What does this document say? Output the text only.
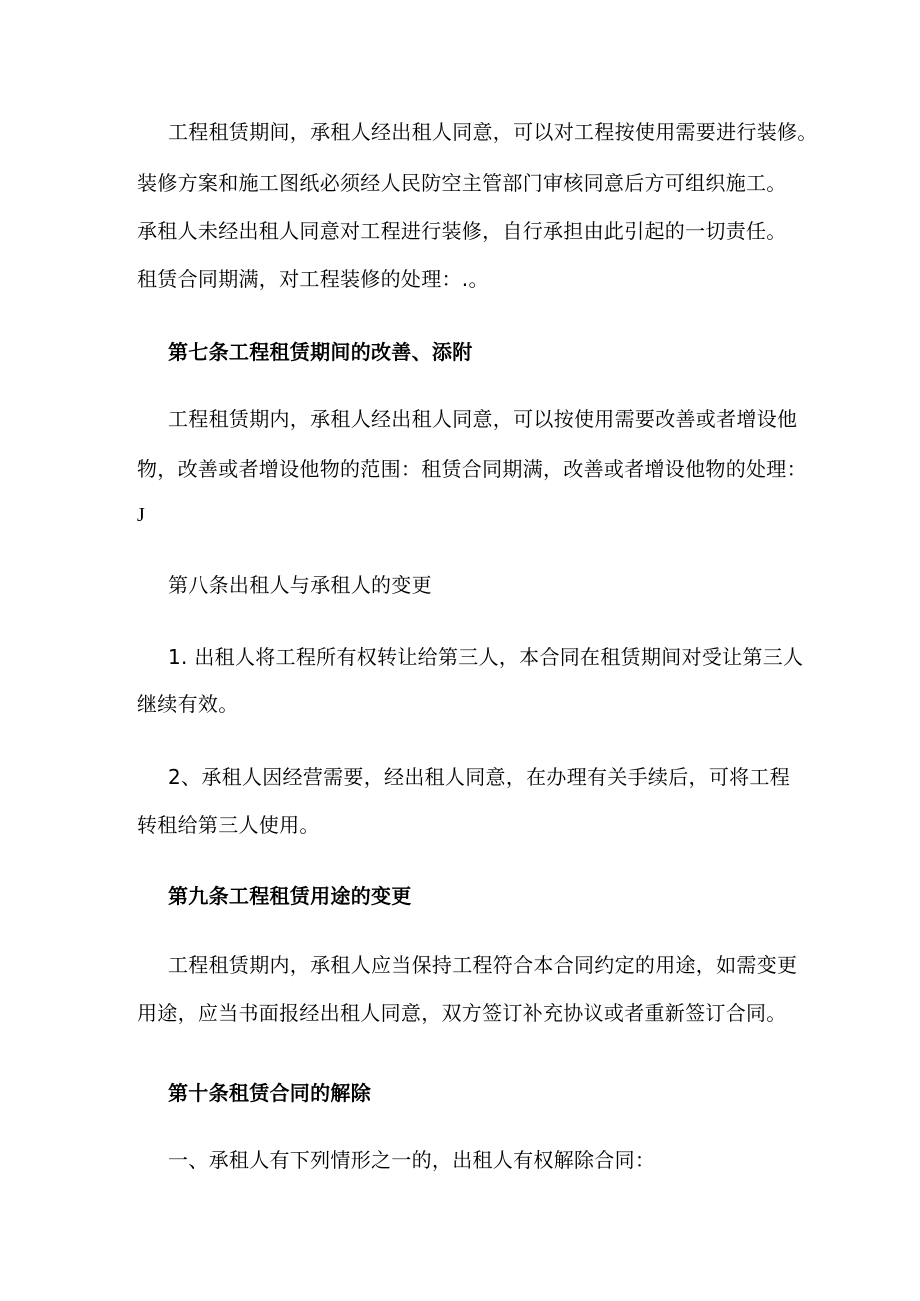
工程租赁期间，承租人经出租人同意，可以对工程按使用需要进行装修。
装修方案和施工图纸必须经人民防空主管部门审核同意后方可组织施工。
承租人未经出租人同意对工程进行装修，自行承担由此引起的一切责任。
租赁合同期满，对工程装修的处理：.。
第七条工程租赁期间的改善、添附
工程租赁期内，承租人经出租人同意，可以按使用需要改善或者增设他
物，改善或者增设他物的范围：租赁合同期满，改善或者增设他物的处理：
J
第八条出租人与承租人的变更
1. 出租人将工程所有权转让给第三人，本合同在租赁期间对受让第三人
继续有效。
2、承租人因经营需要，经出租人同意，在办理有关手续后，可将工程
转租给第三人使用。
第九条工程租赁用途的变更
工程租赁期内，承租人应当保持工程符合本合同约定的用途，如需变更
用途，应当书面报经出租人同意，双方签订补充协议或者重新签订合同。
第十条租赁合同的解除
一、承租人有下列情形之一的，出租人有权解除合同：
